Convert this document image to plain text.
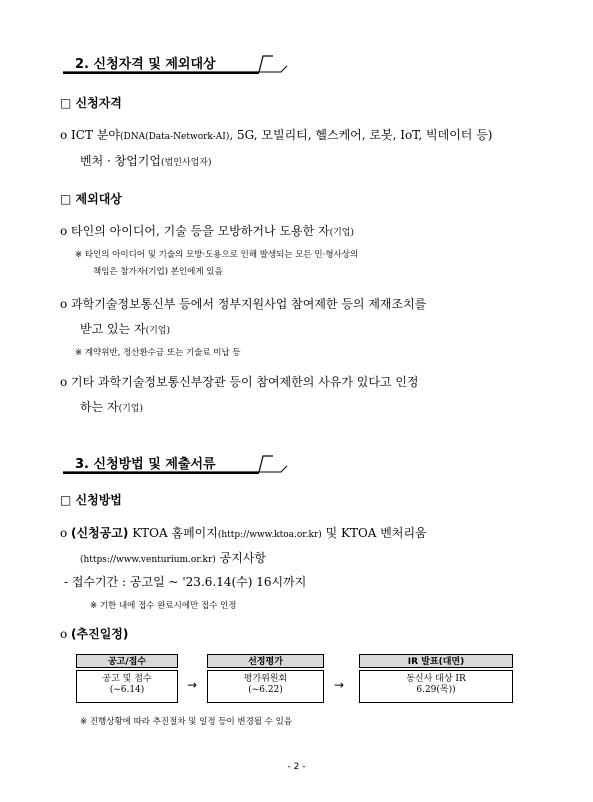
2. 신청자격 및 제외대상
□ 신청자격
o ICT 분야(DNA(Data-Network-AI), 5G, 모빌리티, 헬스케어, 로봇, IoT, 빅데이터 등)
벤처 · 창업기업(법인사업자)
□ 제외대상
o 타인의 아이디어, 기술 등을 모방하거나 도용한 자(기업)
※ 타인의 아이디어 및 기술의 모방·도용으로 인해 발생되는 모든 민·형사상의
책임은 참가자(기업) 본인에게 있음
o 과학기술정보통신부 등에서 정부지원사업 참여제한 등의 제재조치를
받고 있는 자(기업)
※ 계약위반, 정산환수금 또는 기술료 미납 등
o 기타 과학기술정보통신부장관 등이 참여제한의 사유가 있다고 인정
하는 자(기업)
3. 신청방법 및 제출서류
□ 신청방법
o (신청공고) KTOA 홈페이지(http://www.ktoa.or.kr) 및 KTOA 벤처리움
(https://www.venturium.or.kr) 공지사항
- 접수기간 : 공고일 ~ '23.6.14(수) 16시까지
※ 기한 내에 접수 완료시에만 접수 인정
o (추진일정)
공고/접수
공고 및 접수
(~6.14)	→
선정평가
평가위원회
(~6.22)	→
IR 발표(대면)
동신사 대상 IR
6.29(목))
※ 진행상황에 따라 추진절차 및 일정 등이 변경될 수 있음
- 2 -
